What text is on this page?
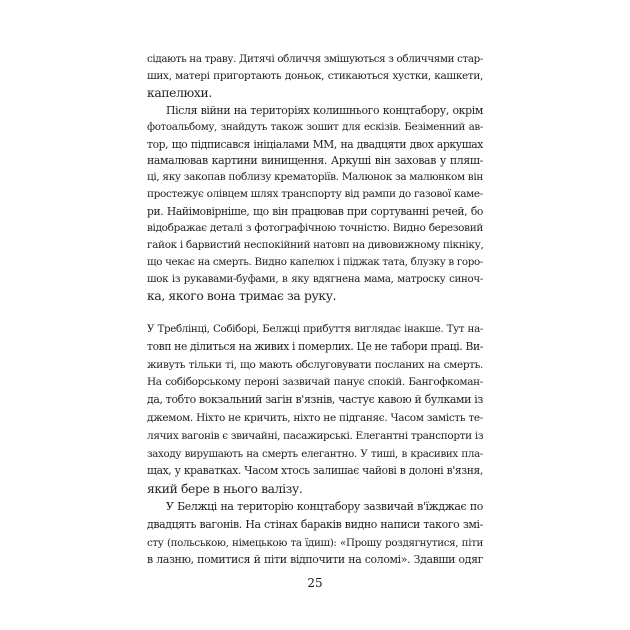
сідають на траву. Дитячі обличчя змішуються з обличчями стар-
ших, матері пригортають доньок, стикаються хустки, кашкети,
капелюхи.
Після війни на територіях колишнього концтабору, окрім
фотоальбому, знайдуть також зошит для ескізів. Безіменний ав-
тор, що підписався ініціалами ММ, на двадцяти двох аркушах
намалював картини винищення. Аркуші він заховав у пляш-
ці, яку закопав поблизу крематоріїв. Малюнок за малюнком він
простежує олівцем шлях транспорту від рампи до газової каме-
ри. Найімовірніше, що він працював при сортуванні речей, бо
відображає деталі з фотографічною точністю. Видно березовий
гайок і барвистий неспокійний натовп на дивовижному пікніку,
що чекає на смерть. Видно капелюх і піджак тата, блузку в горо-
шок із рукавами-буфами, в яку вдягнена мама, матроску синоч-
ка, якого вона тримає за руку.
У Треблінці, Собіборі, Белжці прибуття виглядає інакше. Тут на-
товп не ділиться на живих і померлих. Це не табори праці. Ви-
живуть тільки ті, що мають обслуговувати посланих на смерть.
На собіборському пероні зазвичай панує спокій. Бангофкоман-
да, тобто вокзальний загін в'язнів, частує кавою й булками із
джемом. Ніхто не кричить, ніхто не підганяє. Часом замість те-
лячих вагонів є звичайні, пасажирські. Елегантні транспорти із
заходу вирушають на смерть елегантно. У тиші, в красивих пла-
щах, у краватках. Часом хтось залишає чайові в долоні в'язня,
який бере в нього валізу.
У Белжці на територію концтабору зазвичай в'їжджає по
двадцять вагонів. На стінах бараків видно написи такого змі-
сту (польською, німецькою та їдиш): «Прошу роздягнутися, піти
в лазню, помитися й піти відпочити на соломі». Здавши одяг
25
